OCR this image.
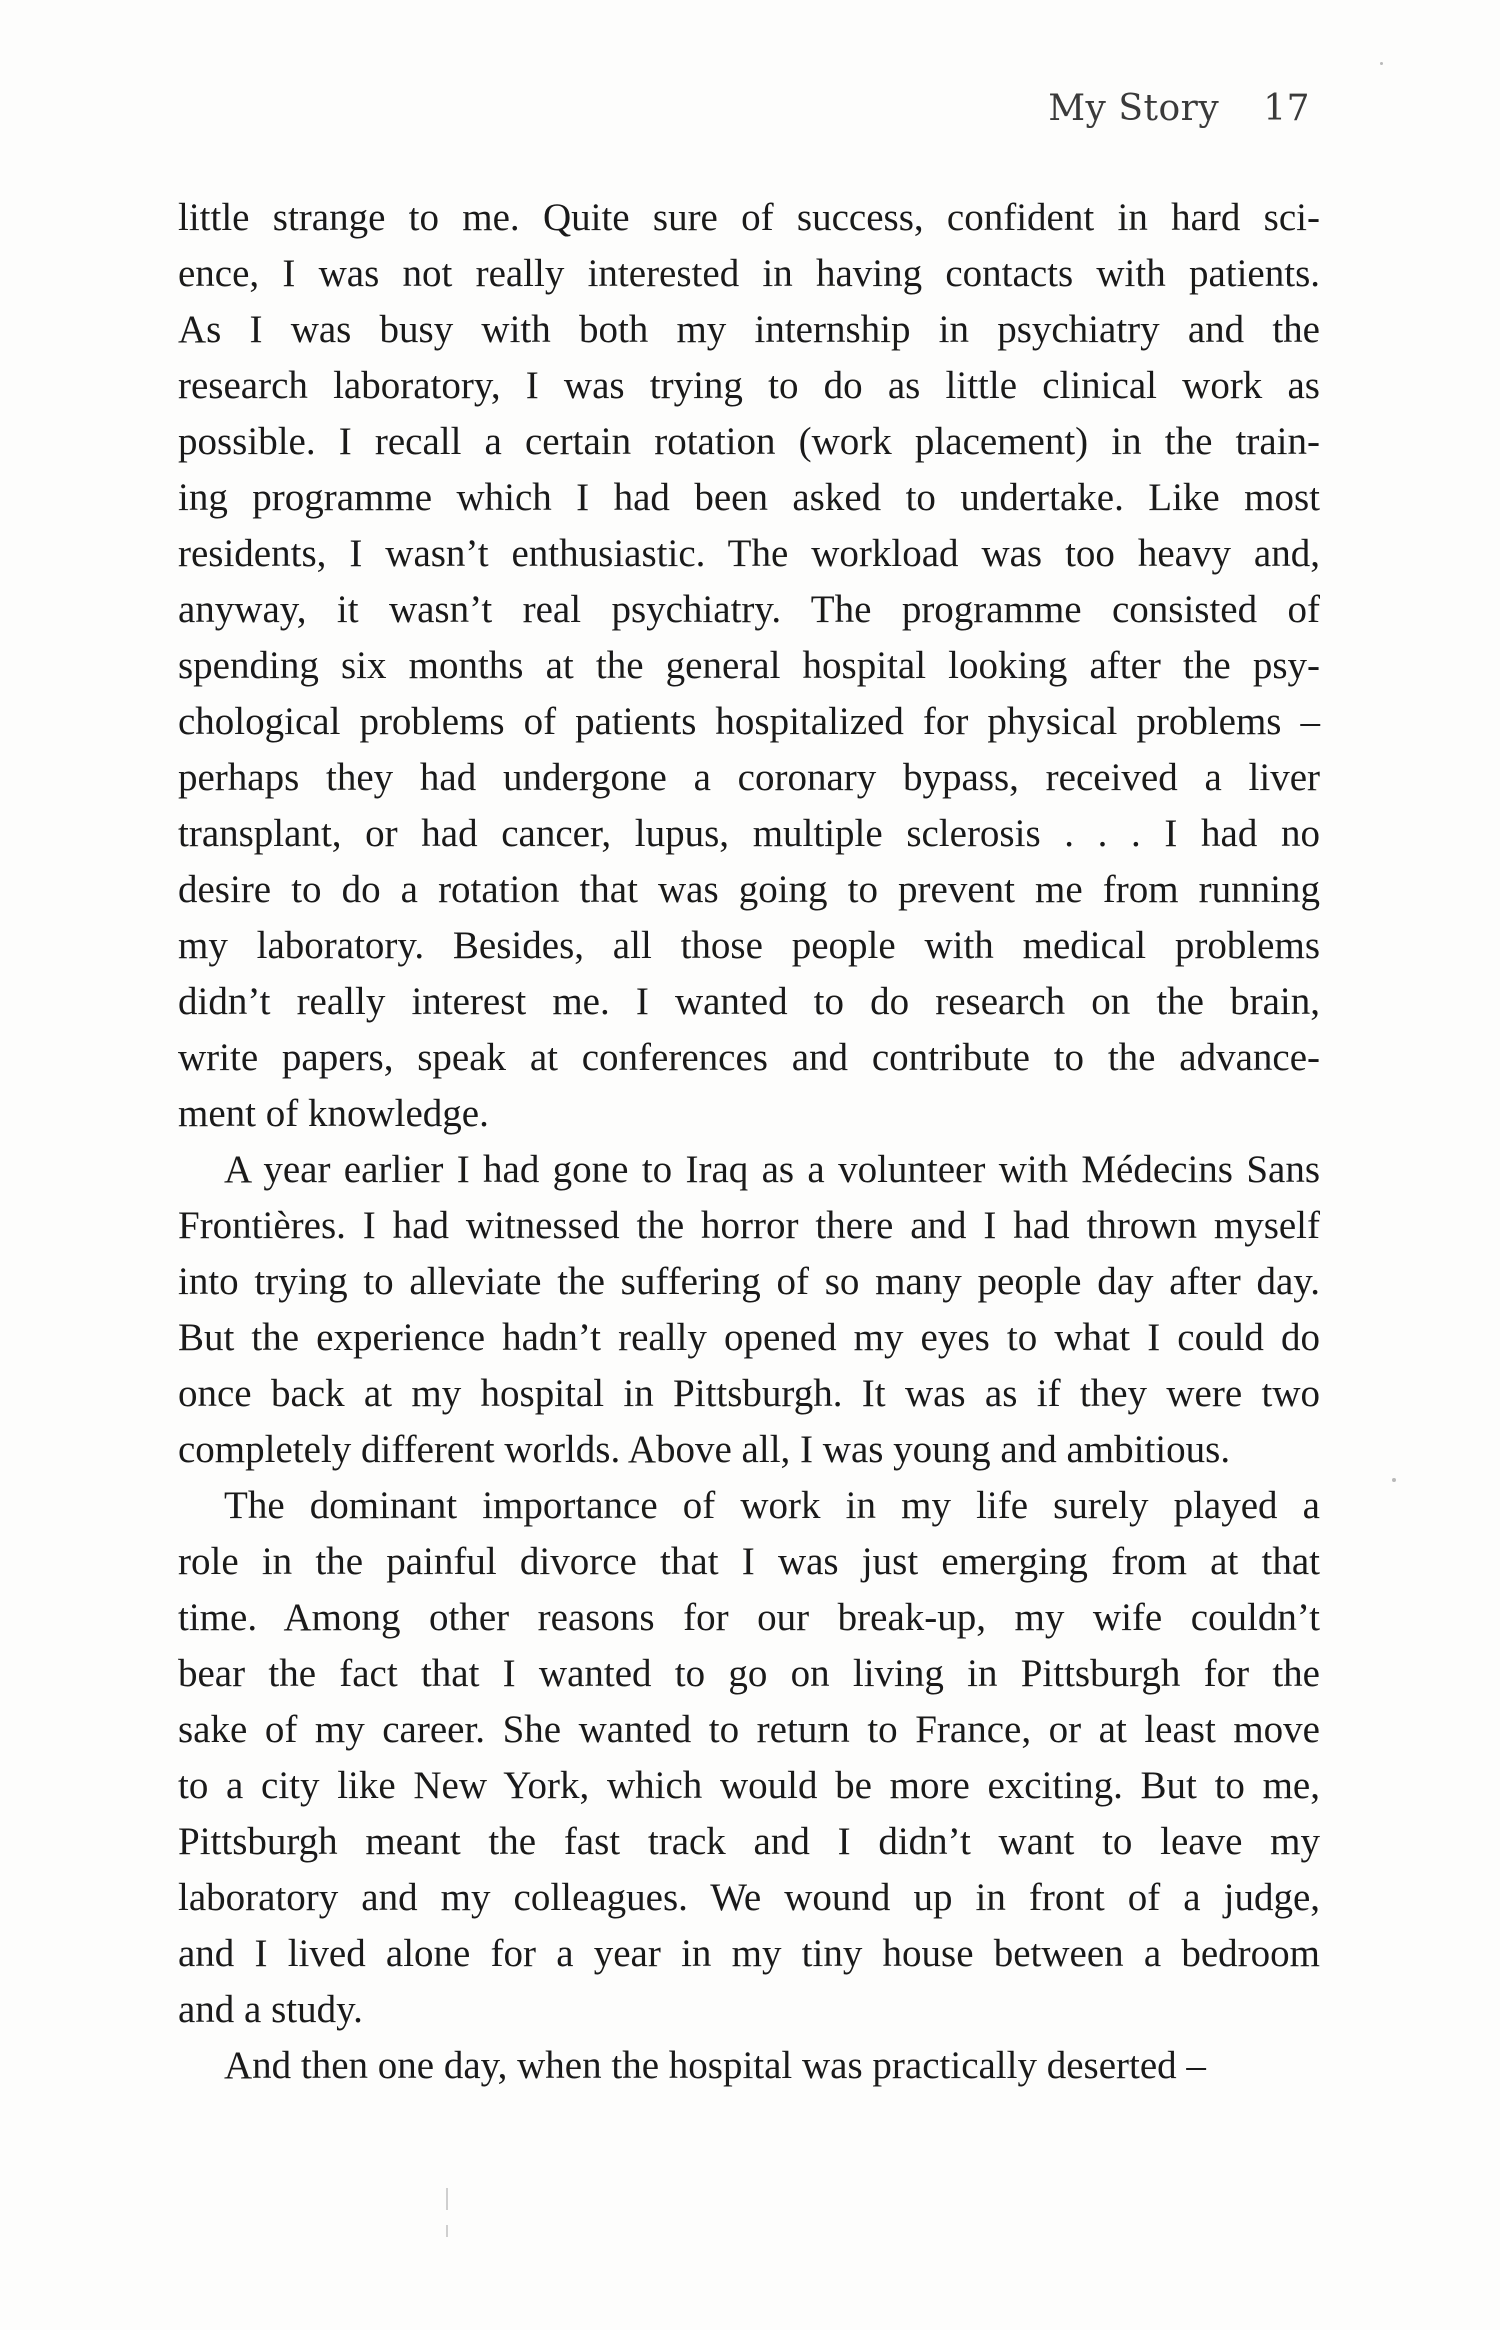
My Story 17
little strange to me. Quite sure of success, confident in hard sci-
ence, I was not really interested in having contacts with patients.
As I was busy with both my internship in psychiatry and the
research laboratory, I was trying to do as little clinical work as
possible. I recall a certain rotation (work placement) in the train-
ing programme which I had been asked to undertake. Like most
residents, I wasn’t enthusiastic. The workload was too heavy and,
anyway, it wasn’t real psychiatry. The programme consisted of
spending six months at the general hospital looking after the psy-
chological problems of patients hospitalized for physical problems –
perhaps they had undergone a coronary bypass, received a liver
transplant, or had cancer, lupus, multiple sclerosis . . . I had no
desire to do a rotation that was going to prevent me from running
my laboratory. Besides, all those people with medical problems
didn’t really interest me. I wanted to do research on the brain,
write papers, speak at conferences and contribute to the advance-
ment of knowledge.
A year earlier I had gone to Iraq as a volunteer with Médecins Sans
Frontières. I had witnessed the horror there and I had thrown myself
into trying to alleviate the suffering of so many people day after day.
But the experience hadn’t really opened my eyes to what I could do
once back at my hospital in Pittsburgh. It was as if they were two
completely different worlds. Above all, I was young and ambitious.
The dominant importance of work in my life surely played a
role in the painful divorce that I was just emerging from at that
time. Among other reasons for our break-up, my wife couldn’t
bear the fact that I wanted to go on living in Pittsburgh for the
sake of my career. She wanted to return to France, or at least move
to a city like New York, which would be more exciting. But to me,
Pittsburgh meant the fast track and I didn’t want to leave my
laboratory and my colleagues. We wound up in front of a judge,
and I lived alone for a year in my tiny house between a bedroom
and a study.
And then one day, when the hospital was practically deserted –
